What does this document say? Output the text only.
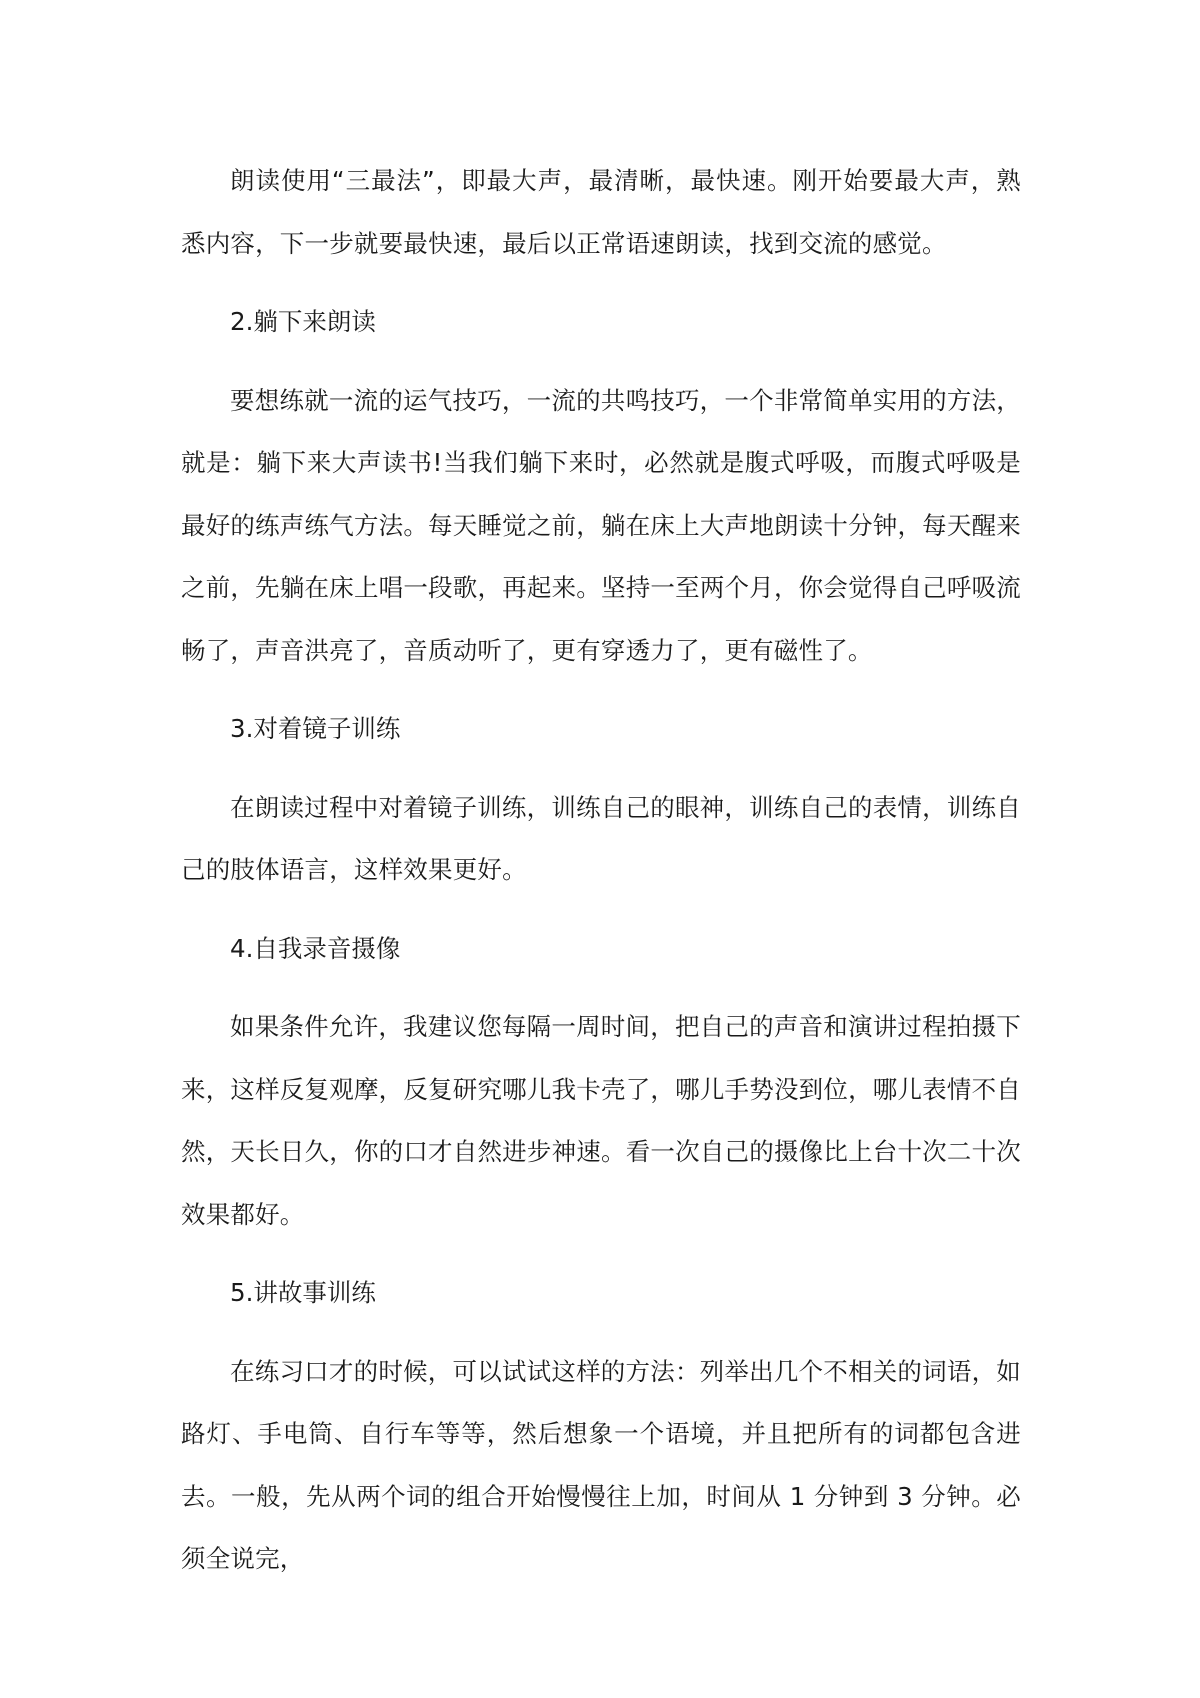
朗读使用“三最法”，即最大声，最清晰，最快速。刚开始要最大声，熟悉内容，下一步就要最快速，最后以正常语速朗读，找到交流的感觉。

2.躺下来朗读

要想练就一流的运气技巧，一流的共鸣技巧，一个非常简单实用的方法，就是：躺下来大声读书!当我们躺下来时，必然就是腹式呼吸，而腹式呼吸是最好的练声练气方法。每天睡觉之前，躺在床上大声地朗读十分钟，每天醒来之前，先躺在床上唱一段歌，再起来。坚持一至两个月，你会觉得自己呼吸流畅了，声音洪亮了，音质动听了，更有穿透力了，更有磁性了。

3.对着镜子训练

在朗读过程中对着镜子训练，训练自己的眼神，训练自己的表情，训练自己的肢体语言，这样效果更好。

4.自我录音摄像

如果条件允许，我建议您每隔一周时间，把自己的声音和演讲过程拍摄下来，这样反复观摩，反复研究哪儿我卡壳了，哪儿手势没到位，哪儿表情不自然，天长日久，你的口才自然进步神速。看一次自己的摄像比上台十次二十次效果都好。

5.讲故事训练

在练习口才的时候，可以试试这样的方法：列举出几个不相关的词语，如路灯、手电筒、自行车等等，然后想象一个语境，并且把所有的词都包含进去。一般，先从两个词的组合开始慢慢往上加，时间从 1 分钟到 3 分钟。必须全说完，
